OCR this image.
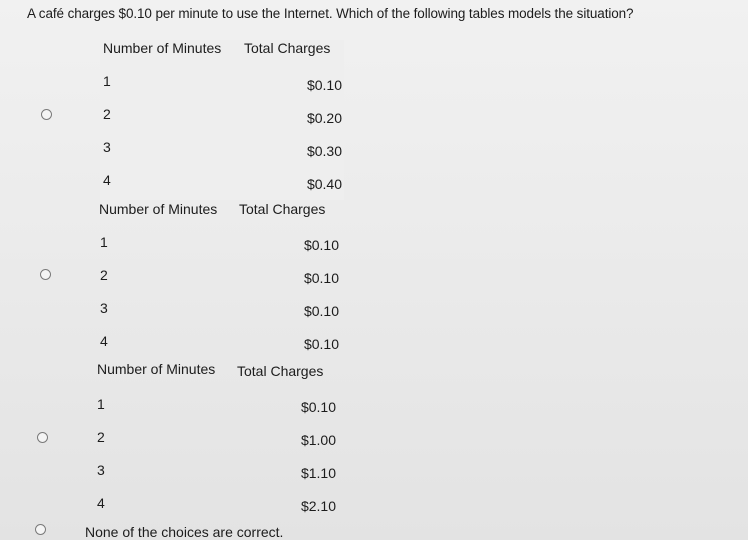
A café charges $0.10 per minute to use the Internet. Which of the following tables models the situation?
Number of Minutes Total Charges
1	$0.10
2	$0.20
3	$0.30
4	$0.40
Number of Minutes Total Charges
1	$0.10
2	$0.10
3	$0.10
4	$0.10
Number of Minutes Total Charges
1	$0.10
2	$1.00
3	$1.10
4	$2.10
None of the choices are correct.
